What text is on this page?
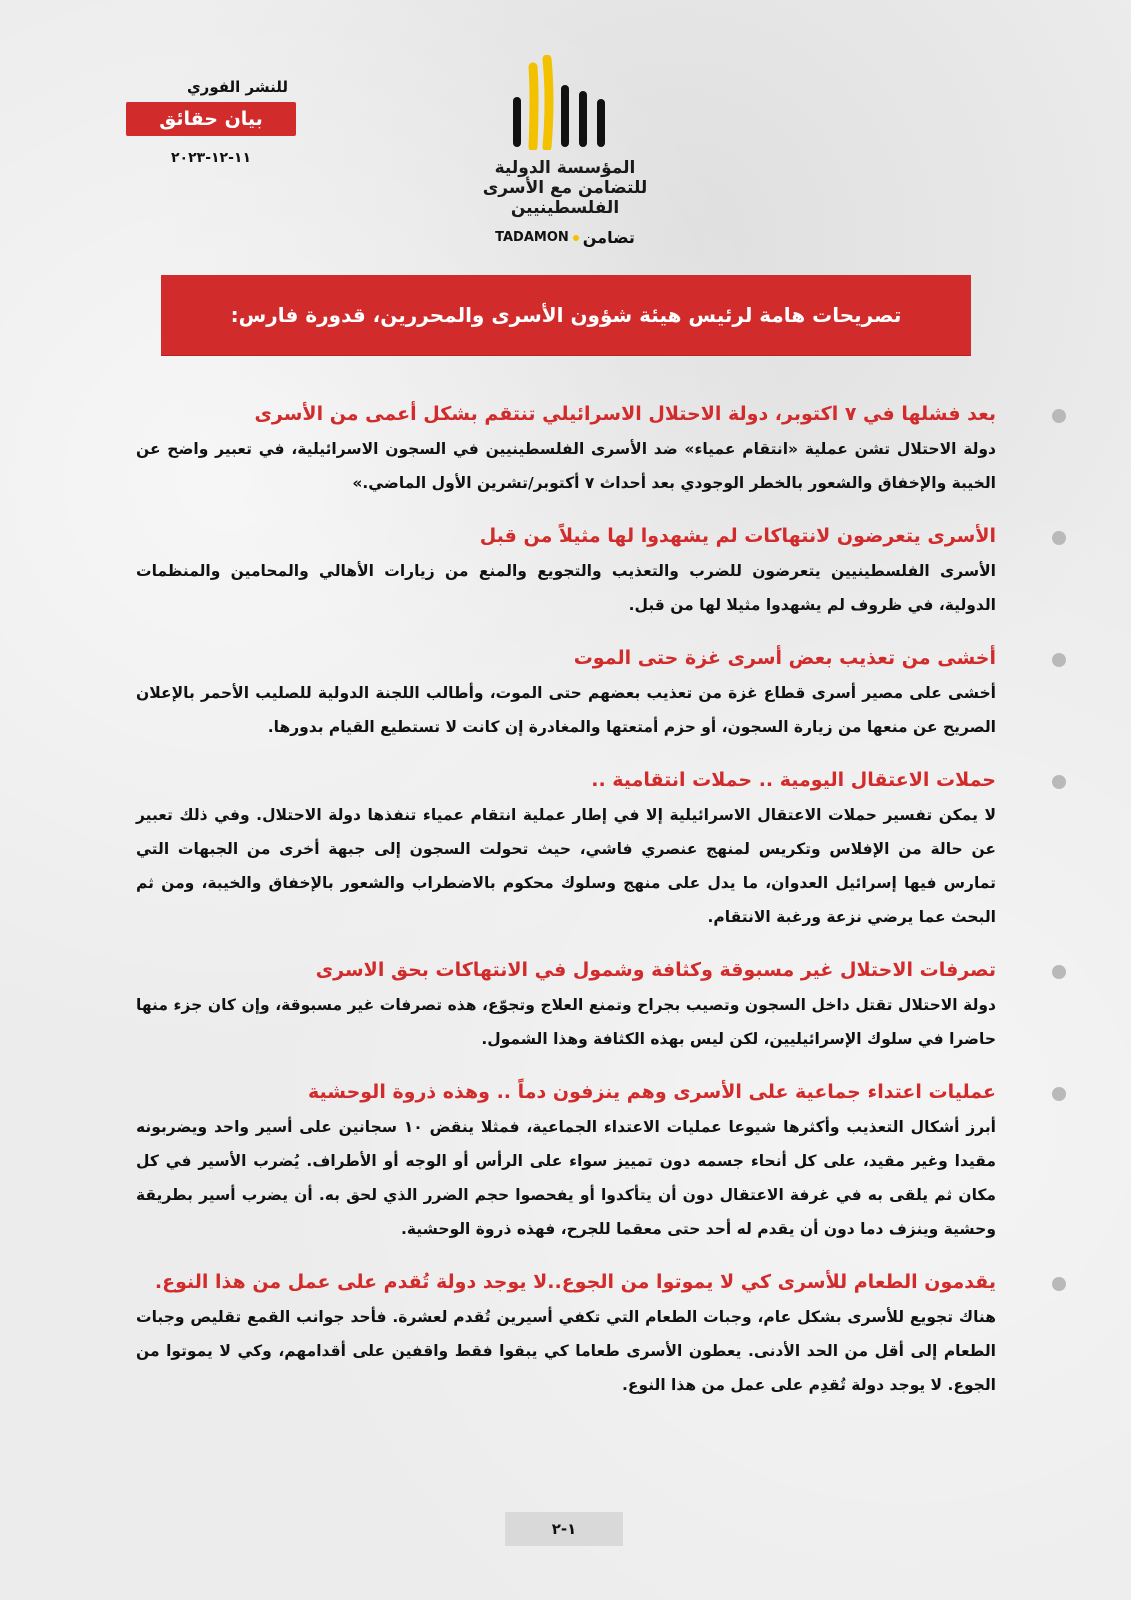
للنشر الفوري
بيان حقائق
١١-١٢-٢٠٢٣	المؤسسة الدولية
للتضامن مع الأسرى الفلسطينيين
TADAMON تضامن
تصريحات هامة لرئيس هيئة شؤون الأسرى والمحررين، قدورة فارس:
بعد فشلها في ٧ اكتوبر، دولة الاحتلال الاسرائيلي تنتقم بشكل أعمى من الأسرى
دولة الاحتلال تشن عملية «انتقام عمياء» ضد الأسرى الفلسطينيين في السجون الاسرائيلية، في تعبير واضح عن الخيبة والإخفاق والشعور بالخطر الوجودي بعد أحداث ٧ أكتوبر/تشرين الأول الماضي.»
الأسرى يتعرضون لانتهاكات لم يشهدوا لها مثيلاً من قبل
الأسرى الفلسطينيين يتعرضون للضرب والتعذيب والتجويع والمنع من زيارات الأهالي والمحامين والمنظمات الدولية، في ظروف لم يشهدوا مثيلا لها من قبل.
أخشى من تعذيب بعض أسرى غزة حتى الموت
أخشى على مصير أسرى قطاع غزة من تعذيب بعضهم حتى الموت، وأطالب اللجنة الدولية للصليب الأحمر بالإعلان الصريح عن منعها من زيارة السجون، أو حزم أمتعتها والمغادرة إن كانت لا تستطيع القيام بدورها.
حملات الاعتقال اليومية .. حملات انتقامية ..
لا يمكن تفسير حملات الاعتقال الاسرائيلية إلا في إطار عملية انتقام عمياء تنفذها دولة الاحتلال. وفي ذلك تعبير عن حالة من الإفلاس وتكريس لمنهج عنصري فاشي، حيث تحولت السجون إلى جبهة أخرى من الجبهات التي تمارس فيها إسرائيل العدوان، ما يدل على منهج وسلوك محكوم بالاضطراب والشعور بالإخفاق والخيبة، ومن ثم البحث عما يرضي نزعة ورغبة الانتقام.
تصرفات الاحتلال غير مسبوقة وكثافة وشمول في الانتهاكات بحق الاسرى
دولة الاحتلال تقتل داخل السجون وتصيب بجراح وتمنع العلاج وتجوّع، هذه تصرفات غير مسبوقة، وإن كان جزء منها حاضرا في سلوك الإسرائيليين، لكن ليس بهذه الكثافة وهذا الشمول.
عمليات اعتداء جماعية على الأسرى وهم ينزفون دماً .. وهذه ذروة الوحشية
أبرز أشكال التعذيب وأكثرها شيوعا عمليات الاعتداء الجماعية، فمثلا ينقض ١٠ سجانين على أسير واحد ويضربونه مقيدا وغير مقيد، على كل أنحاء جسمه دون تمييز سواء على الرأس أو الوجه أو الأطراف. يُضرب الأسير في كل مكان ثم يلقى به في غرفة الاعتقال دون أن يتأكدوا أو يفحصوا حجم الضرر الذي لحق به. أن يضرب أسير بطريقة وحشية وينزف دما دون أن يقدم له أحد حتى معقما للجرح، فهذه ذروة الوحشية.
يقدمون الطعام للأسرى كي لا يموتوا من الجوع..لا يوجد دولة تُقدم على عمل من هذا النوع.
هناك تجويع للأسرى بشكل عام، وجبات الطعام التي تكفي أسيرين تُقدم لعشرة. فأحد جوانب القمع تقليص وجبات الطعام إلى أقل من الحد الأدنى. يعطون الأسرى طعاما كي يبقوا فقط واقفين على أقدامهم، وكي لا يموتوا من الجوع. لا يوجد دولة تُقدِم على عمل من هذا النوع.
١-٢
